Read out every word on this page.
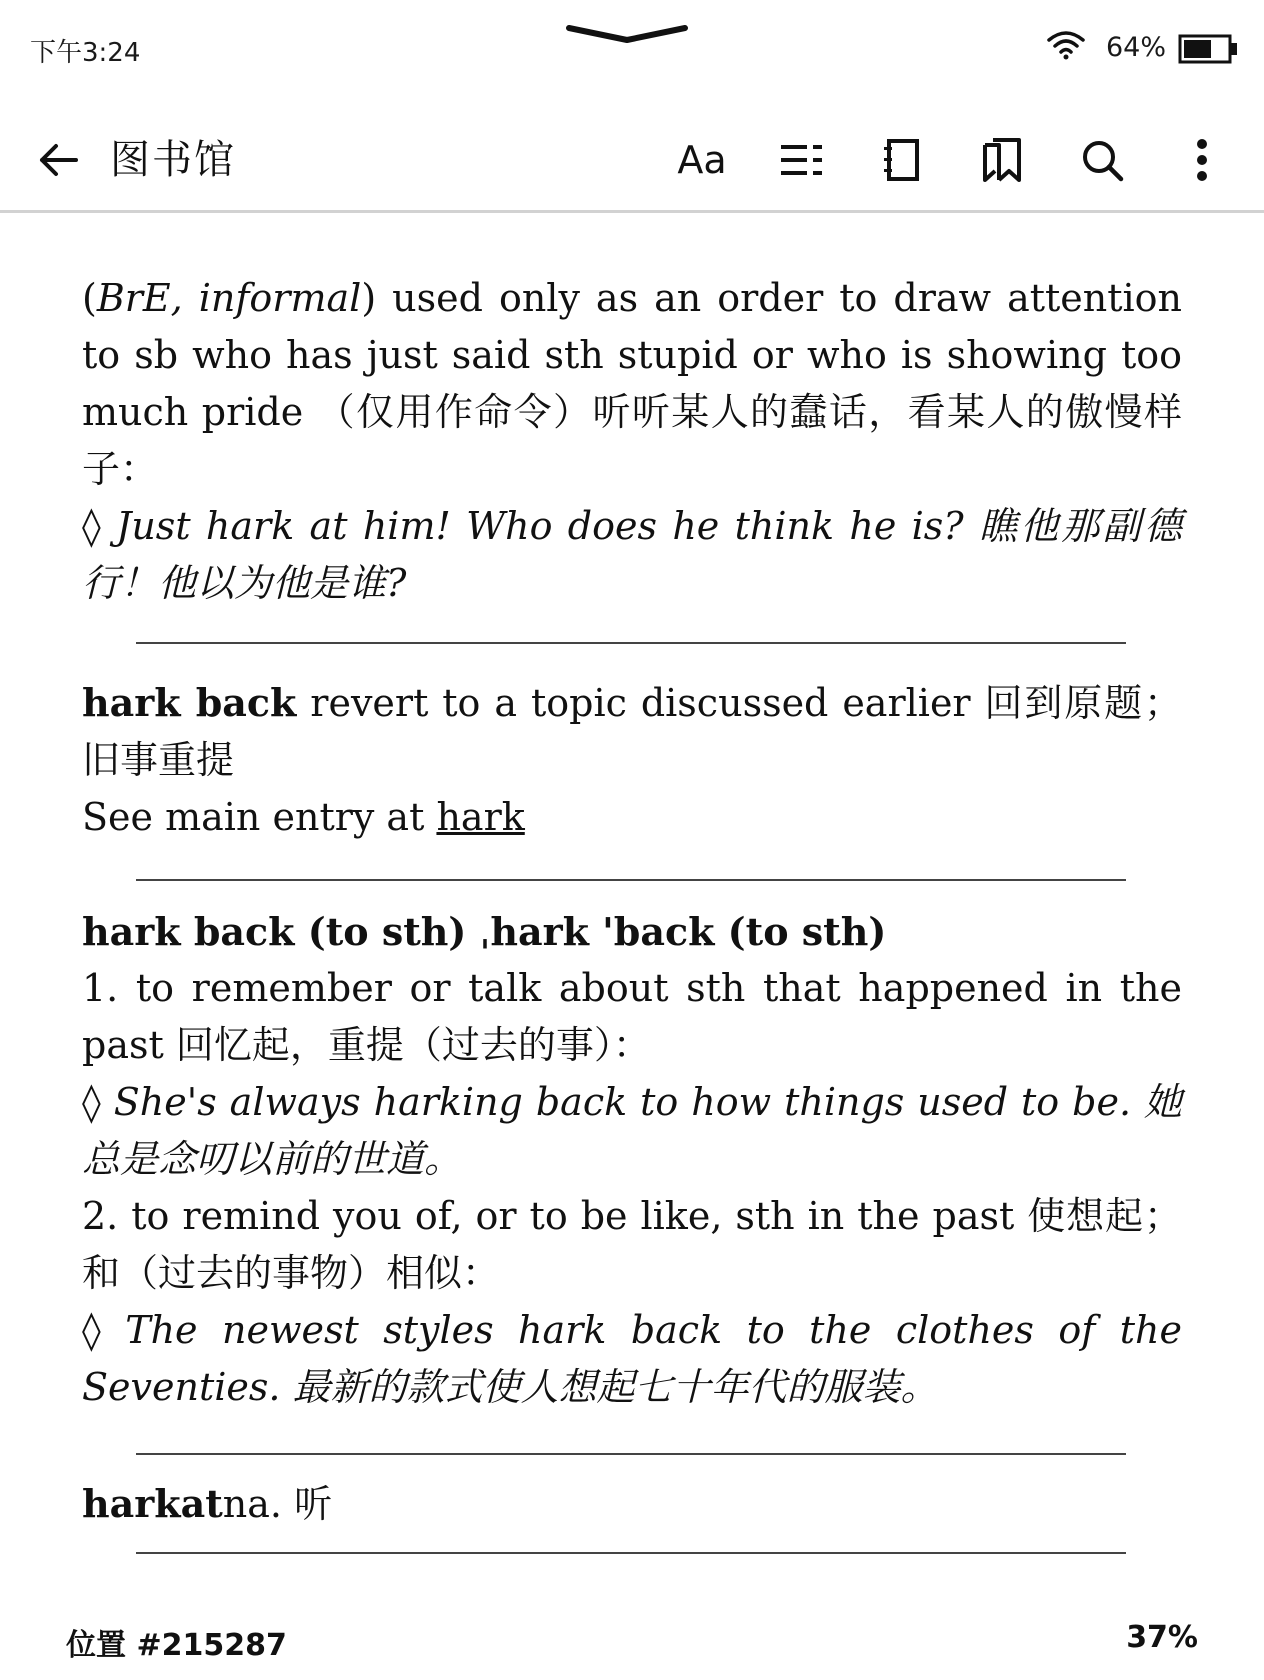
下午3:24	64%
图书馆	Aa

(BrE, informal) used only as an order to draw attention to sb who has just said sth stupid or who is showing too much pride （仅用作命令）听听某人的蠢话，看某人的傲慢样子：

◊ Just hark at him! Who does he think he is? 瞧他那副德行！他以为他是谁?

hark back revert to a topic discussed earlier 回到原题；旧事重提

See main entry at hark

hark back (to sth) ˌhark 'back (to sth)

1. to remember or talk about sth that happened in the past 回忆起，重提（过去的事）：

◊ She's always harking back to how things used to be. 她总是念叨以前的世道。

2. to remind you of, or to be like, sth in the past 使想起；和（过去的事物）相似：

◊ The newest styles hark back to the clothes of the Seventies. 最新的款式使人想起七十年代的服装。

harkatna. 听

位置 #215287	37%
